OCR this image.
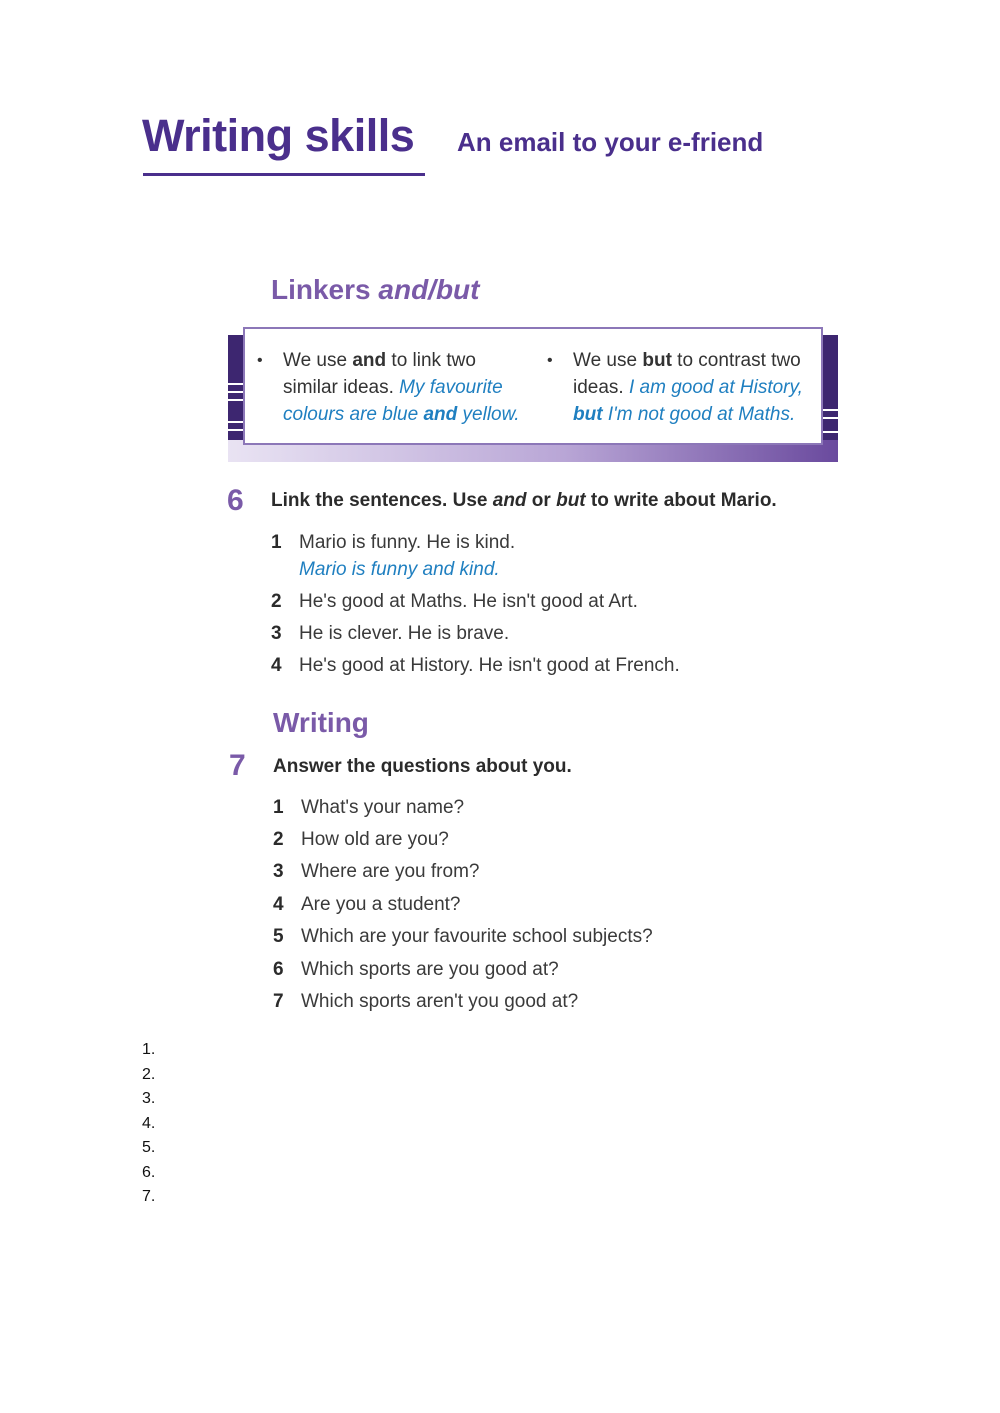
Writing skills An email to your e-friend
Linkers and/but
• We use and to link two similar ideas. My favourite colours are blue and yellow.
• We use but to contrast two ideas. I am good at History, but I'm not good at Maths.
6 Link the sentences. Use and or but to write about Mario.
1 Mario is funny. He is kind.
Mario is funny and kind.
2 He's good at Maths. He isn't good at Art.
3 He is clever. He is brave.
4 He's good at History. He isn't good at French.
Writing
7 Answer the questions about you.
1 What's your name?
2 How old are you?
3 Where are you from?
4 Are you a student?
5 Which are your favourite school subjects?
6 Which sports are you good at?
7 Which sports aren't you good at?
1.
2.
3.
4.
5.
6.
7.
